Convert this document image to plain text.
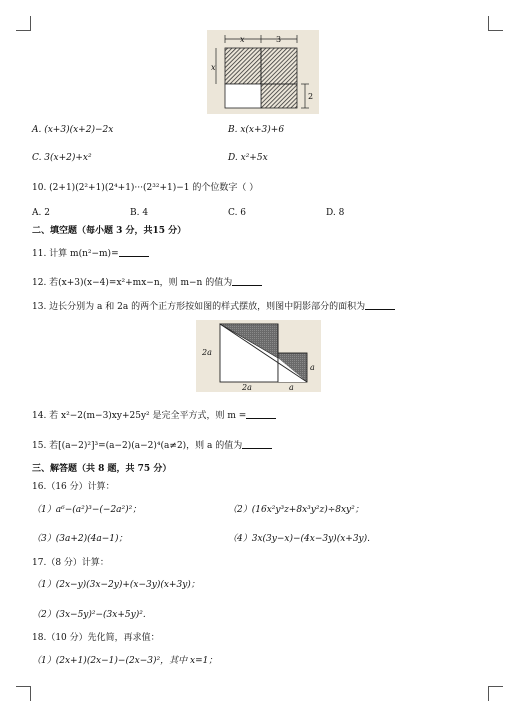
x	3
x
2
A. (x+3)(x+2)−2x	B. x(x+3)+6
C. 3(x+2)+x²	D. x²+5x
10. (2+1)(2²+1)(2⁴+1)···(2³²+1)−1 的个位数字（ ）
A. 2	B. 4	C. 6	D. 8
二、填空题（每小题 3 分，共15 分）
11. 计算 m(n²−m)=
12. 若(x+3)(x−4)=x²+mx−n，则 m−n 的值为
13. 边长分别为 a 和 2a 的两个正方形按如图的样式摆放，则图中阴影部分的面积为
2a
2a	a
a
14. 若 x²−2(m−3)xy+25y² 是完全平方式，则 m =
15. 若[(a−2)²]³=(a−2)(a−2)⁴(a≠2)，则 a 的值为
三、解答题（共 8 题，共 75 分）
16.（16 分）计算：
（1）a⁶−(a²)³−(−2a²)²；	（2）(16x²y³z+8x³y²z)÷8xy²；
（3）(3a+2)(4a−1)；	（4）3x(3y−x)−(4x−3y)(x+3y).
17.（8 分）计算：
（1）(2x−y)(3x−2y)+(x−3y)(x+3y)；
（2）(3x−5y)²−(3x+5y)².
18.（10 分）先化简，再求值：
（1）(2x+1)(2x−1)−(2x−3)²，其中 x=1；
